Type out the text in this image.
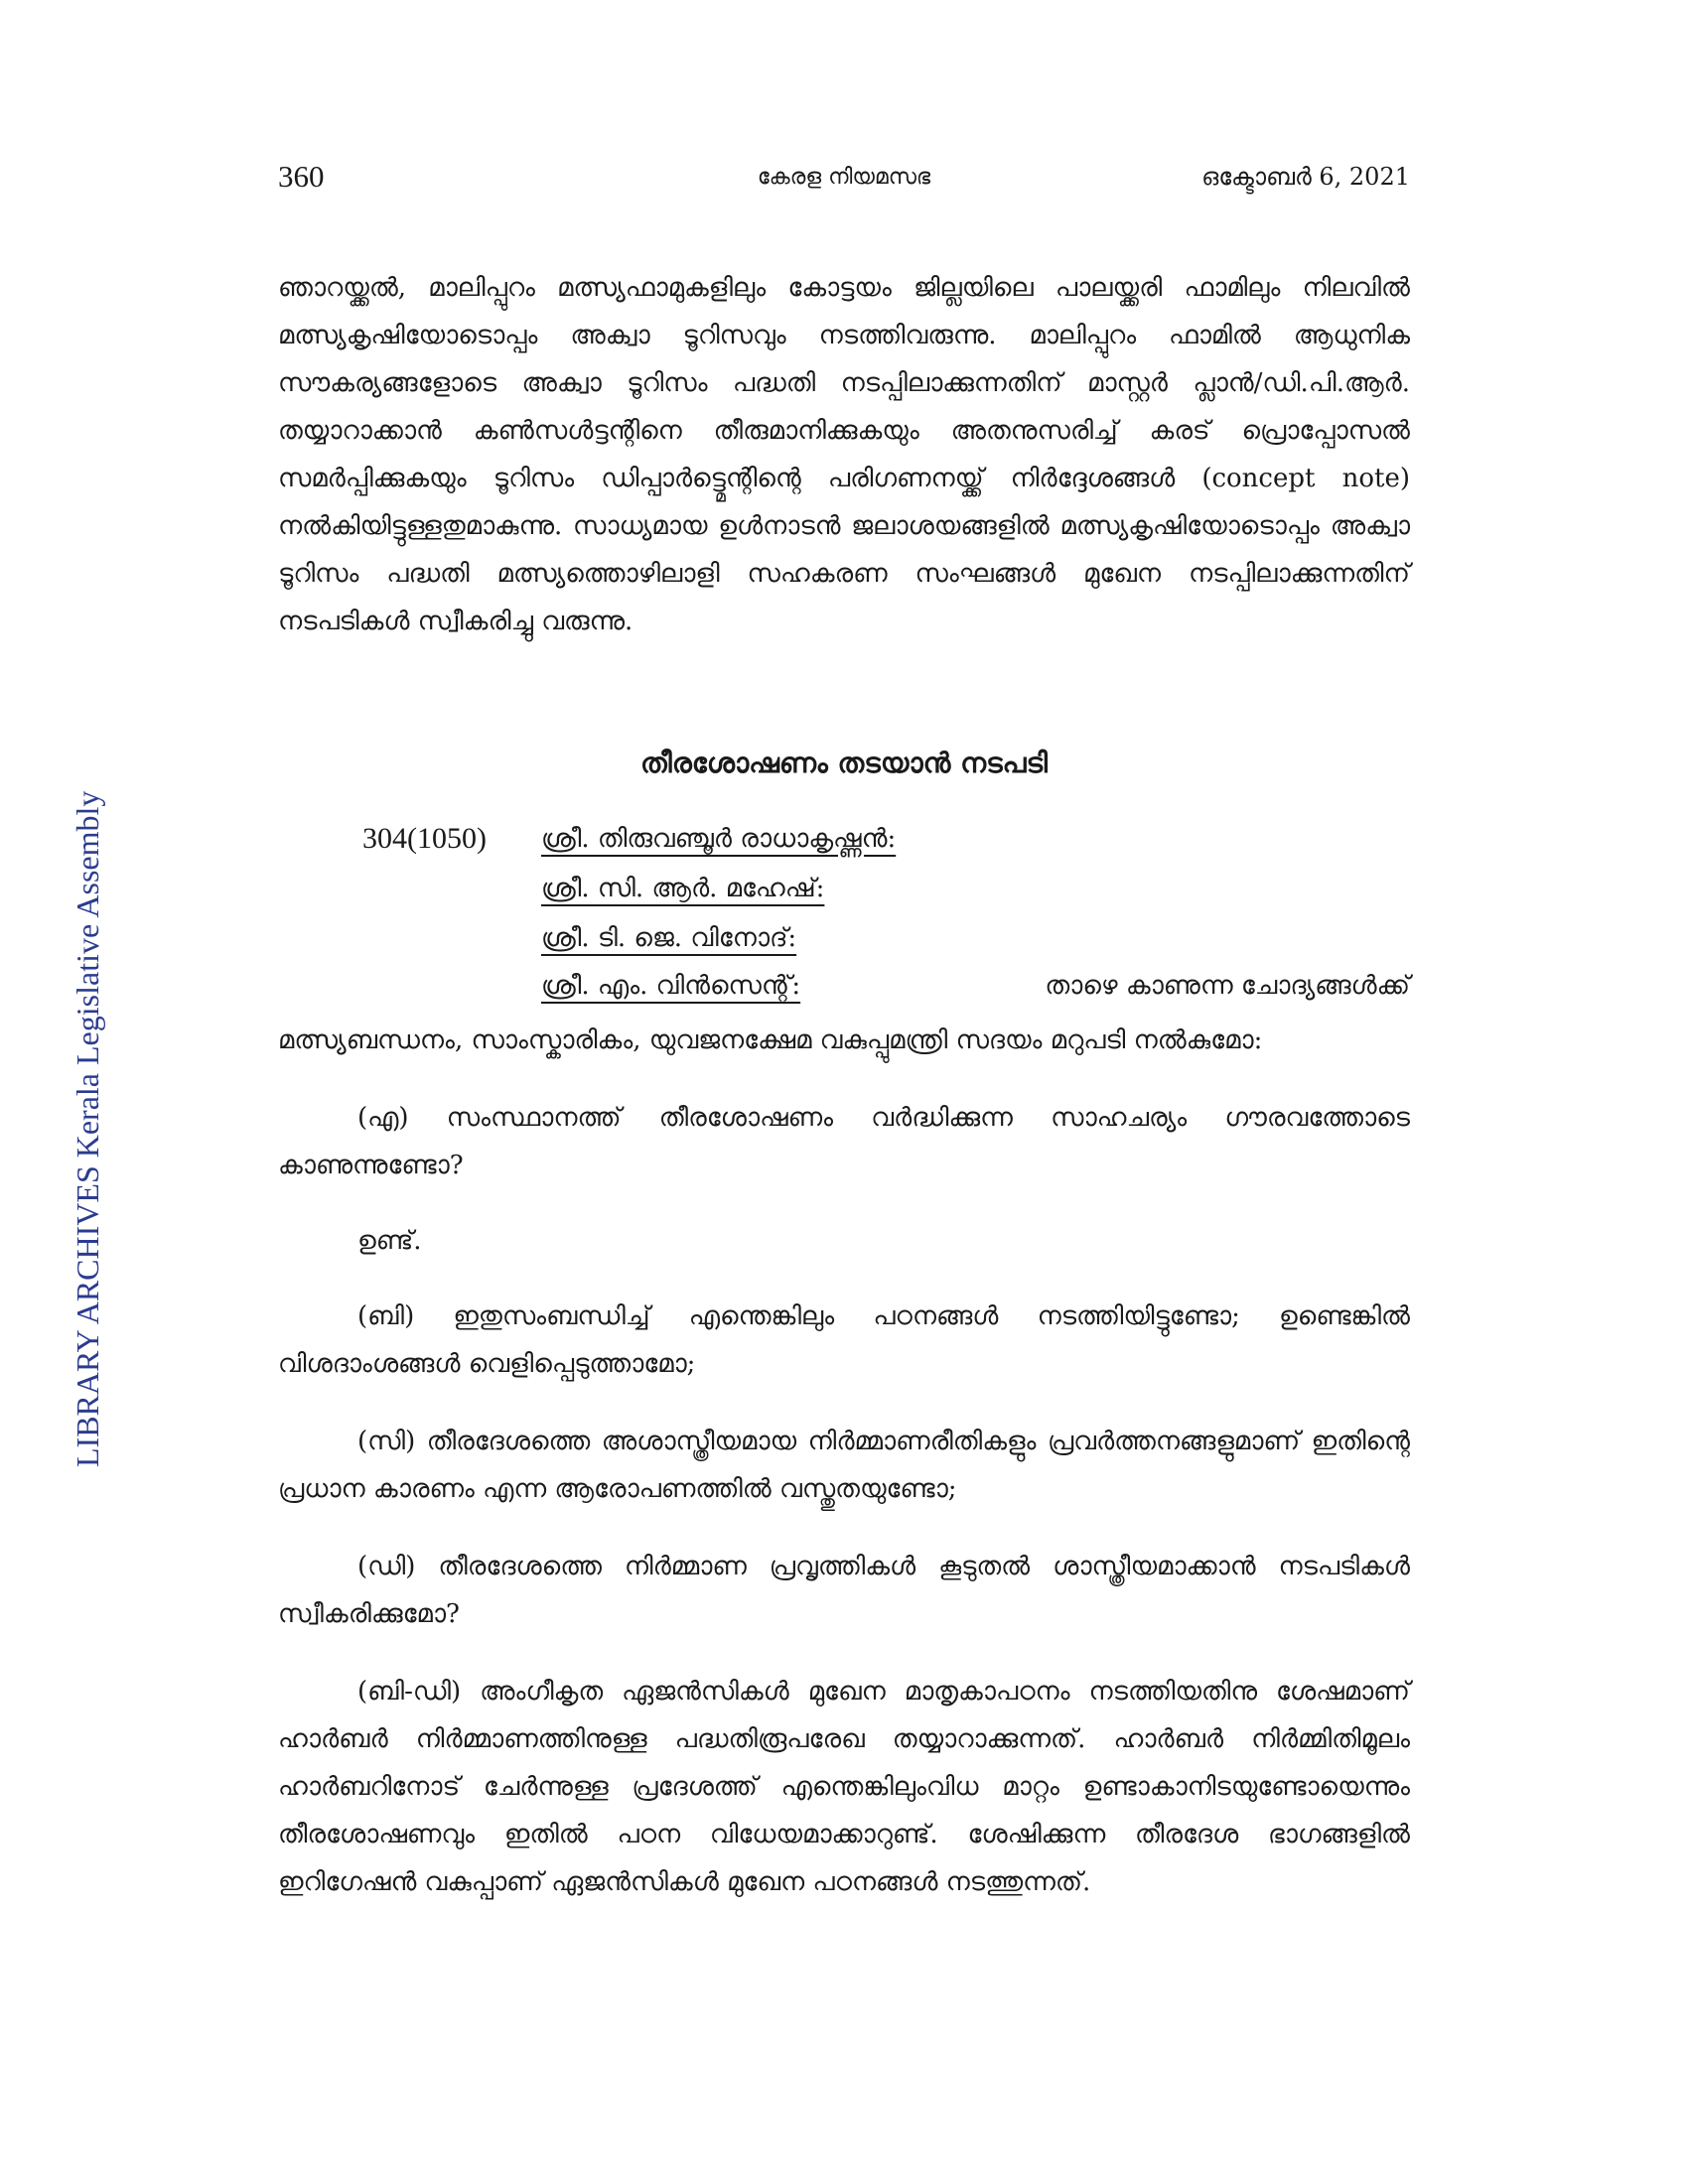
360	കേരള നിയമസഭ	ഒക്ടോബർ 6, 2021
LIBRARY ARCHIVES Kerala Legislative Assembly

ഞാറയ്ക്കൽ, മാലിപ്പുറം മത്സ്യഫാമുകളിലും കോട്ടയം ജില്ലയിലെ പാലയ്ക്കരി ഫാമിലും നിലവിൽ മത്സ്യകൃഷിയോടൊപ്പം അക്വാ ടൂറിസവും നടത്തിവരുന്നു. മാലിപ്പുറം ഫാമിൽ ആധുനിക സൗകര്യങ്ങളോടെ അക്വാ ടൂറിസം പദ്ധതി നടപ്പിലാക്കുന്നതിന് മാസ്റ്റർ പ്ലാൻ/ഡി.പി.ആർ. തയ്യാറാക്കാൻ കൺസൾട്ടന്റിനെ തീരുമാനിക്കുകയും അതനുസരിച്ച് കരട് പ്രൊപ്പോസൽ സമർപ്പിക്കുകയും ടൂറിസം ഡിപ്പാർട്ട്മെന്റിന്റെ പരിഗണനയ്ക്ക് നിർദ്ദേശങ്ങൾ (concept note) നൽകിയിട്ടുള്ളതുമാകുന്നു. സാധ്യമായ ഉൾനാടൻ ജലാശയങ്ങളിൽ മത്സ്യകൃഷിയോടൊപ്പം അക്വാ ടൂറിസം പദ്ധതി മത്സ്യത്തൊഴിലാളി സഹകരണ സംഘങ്ങൾ മുഖേന നടപ്പിലാക്കുന്നതിന് നടപടികൾ സ്വീകരിച്ചു വരുന്നു.

തീരശോഷണം തടയാൻ നടപടി
304(1050) ശ്രീ. തിരുവഞ്ചൂർ രാധാകൃഷ്ണൻ:
ശ്രീ. സി. ആർ. മഹേഷ്:
ശ്രീ. ടി. ജെ. വിനോദ്:
ശ്രീ. എം. വിൻസെന്റ്:	താഴെ കാണുന്ന ചോദ്യങ്ങൾക്ക്

മത്സ്യബന്ധനം, സാംസ്കാരികം, യുവജനക്ഷേമ വകുപ്പുമന്ത്രി സദയം മറുപടി നൽകുമോ:

(എ) സംസ്ഥാനത്ത് തീരശോഷണം വർദ്ധിക്കുന്ന സാഹചര്യം ഗൗരവത്തോടെ കാണുന്നുണ്ടോ?

ഉണ്ട്.

(ബി) ഇതുസംബന്ധിച്ച് എന്തെങ്കിലും പഠനങ്ങൾ നടത്തിയിട്ടുണ്ടോ; ഉണ്ടെങ്കിൽ വിശദാംശങ്ങൾ വെളിപ്പെടുത്താമോ;

(സി) തീരദേശത്തെ അശാസ്ത്രീയമായ നിർമ്മാണരീതികളും പ്രവർത്തനങ്ങളുമാണ് ഇതിന്റെ പ്രധാന കാരണം എന്ന ആരോപണത്തിൽ വസ്തുതയുണ്ടോ;

(ഡി) തീരദേശത്തെ നിർമ്മാണ പ്രവൃത്തികൾ കൂടുതൽ ശാസ്ത്രീയമാക്കാൻ നടപടികൾ സ്വീകരിക്കുമോ?

(ബി-ഡി) അംഗീകൃത ഏജൻസികൾ മുഖേന മാതൃകാപഠനം നടത്തിയതിനു ശേഷമാണ് ഹാർബർ നിർമ്മാണത്തിനുള്ള പദ്ധതിരൂപരേഖ തയ്യാറാക്കുന്നത്. ഹാർബർ നിർമ്മിതിമൂലം ഹാർബറിനോട് ചേർന്നുള്ള പ്രദേശത്ത് എന്തെങ്കിലുംവിധ മാറ്റം ഉണ്ടാകാനിടയുണ്ടോയെന്നും തീരശോഷണവും ഇതിൽ പഠന വിധേയമാക്കാറുണ്ട്. ശേഷിക്കുന്ന തീരദേശ ഭാഗങ്ങളിൽ ഇറിഗേഷൻ വകുപ്പാണ് ഏജൻസികൾ മുഖേന പഠനങ്ങൾ നടത്തുന്നത്.
